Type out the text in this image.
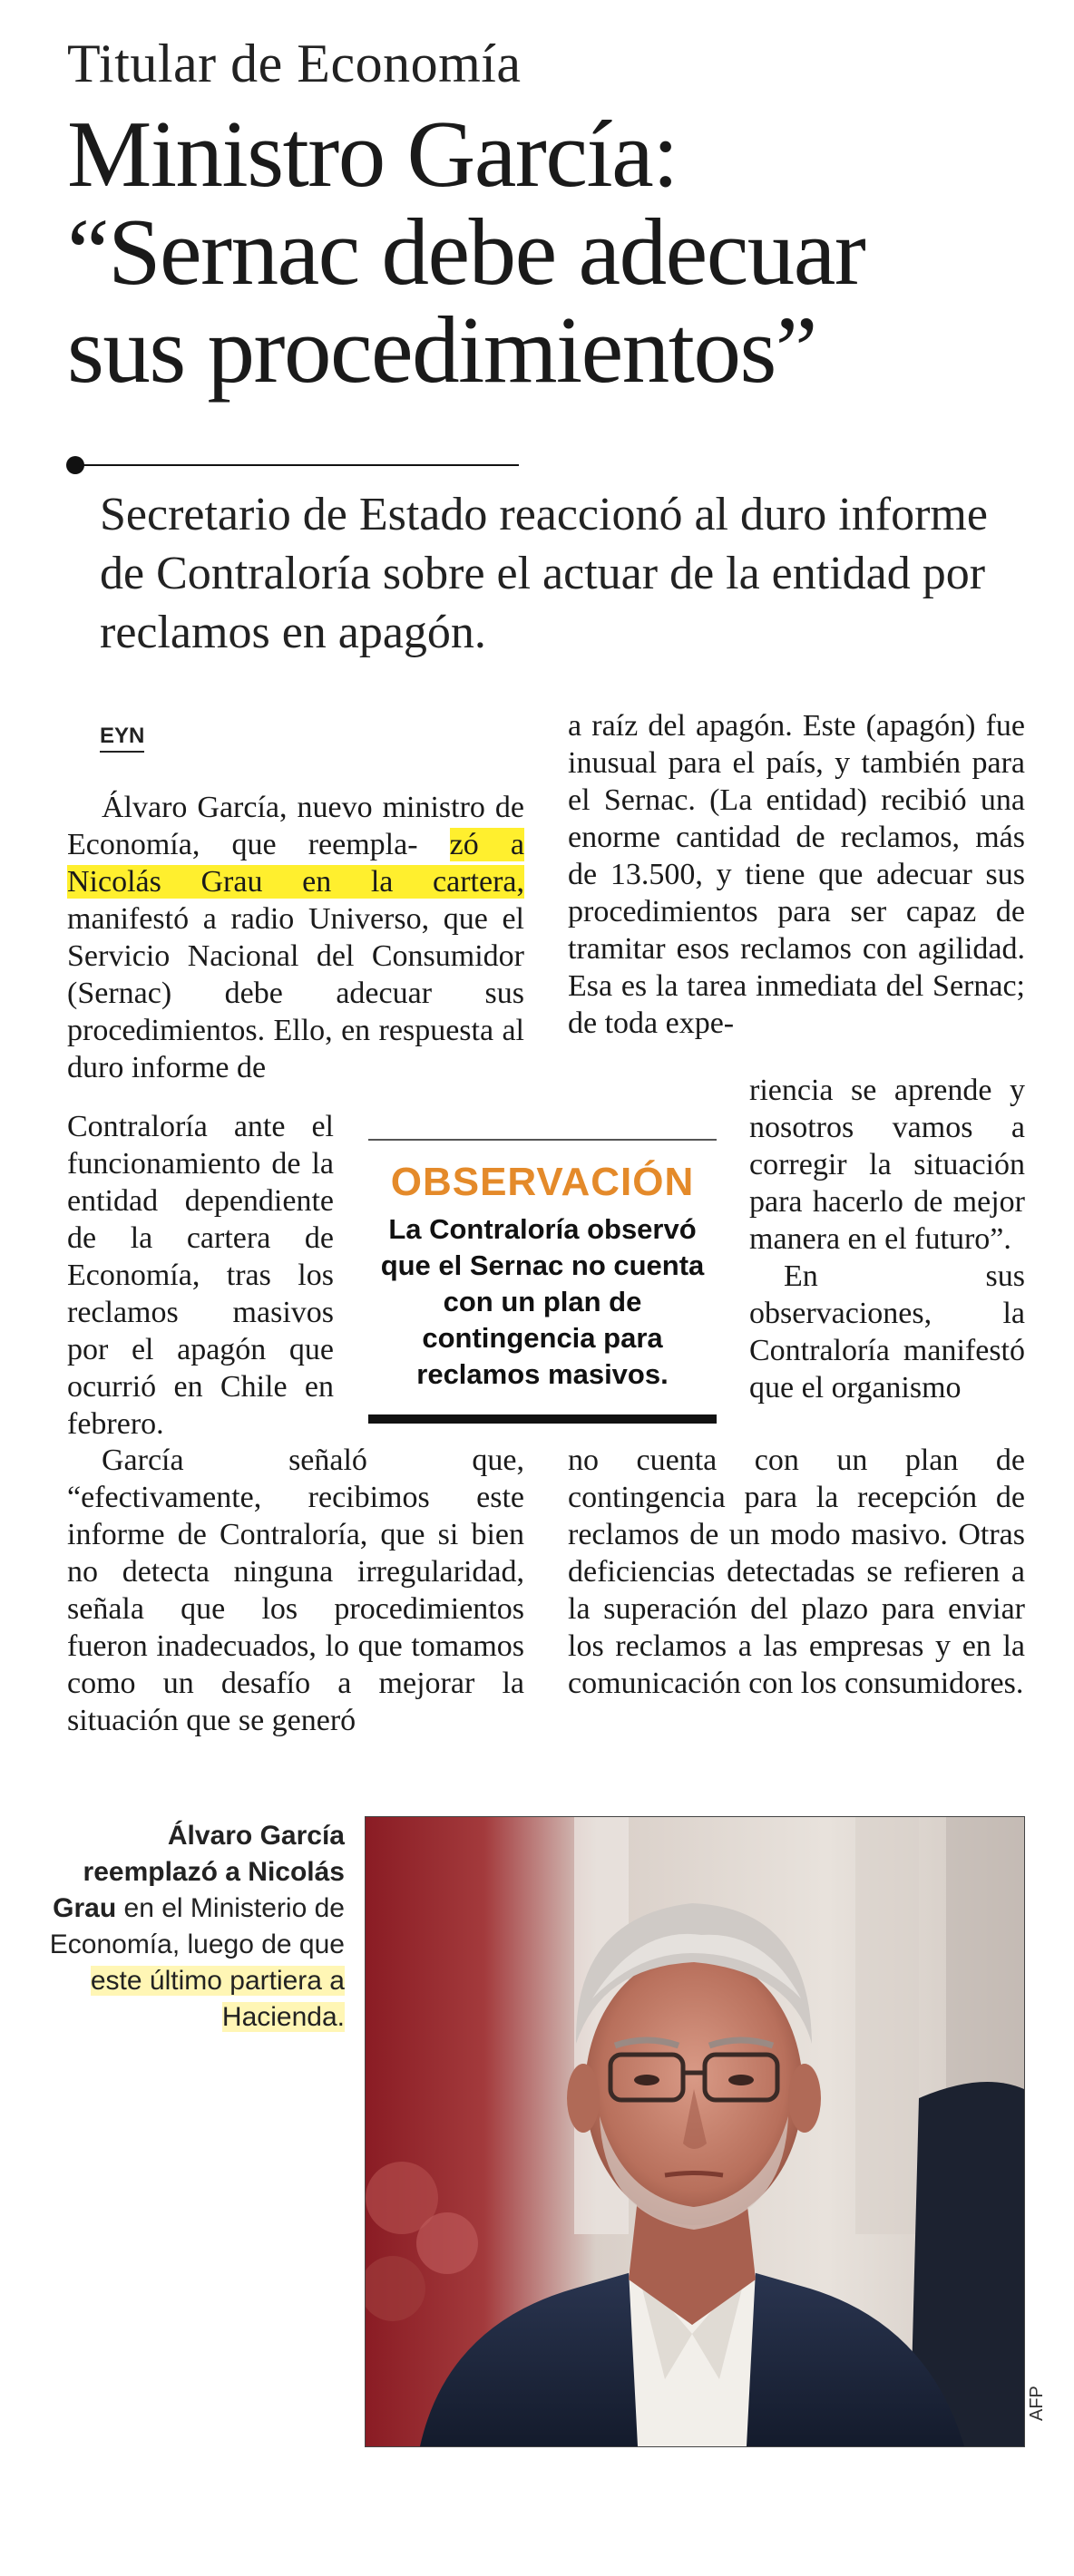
Titular de Economía
Ministro García:
“Sernac debe adecuar
sus procedimientos”
Secretario de Estado reaccionó al duro informe de Contraloría sobre el actuar de la entidad por reclamos en apagón.
EYN

Álvaro García, nuevo ministro de Economía, que reempla- zó a Nicolás Grau en la cartera, manifestó a radio Universo, que el Servicio Nacional del Consumidor (Sernac) debe adecuar sus procedimientos. Ello, en respuesta al duro informe de

Contraloría ante el funcionamiento de la entidad dependiente de la cartera de Economía, tras los reclamos masivos por el apagón que ocurrió en Chile en febrero.

García señaló que, “efectivamente, recibimos este informe de Contraloría, que si bien no detecta ninguna irregularidad, señala que los procedimientos fueron inadecuados, lo que tomamos como un desafío a mejorar la situación que se generó

a raíz del apagón. Este (apagón) fue inusual para el país, y también para el Sernac. (La entidad) recibió una enorme cantidad de reclamos, más de 13.500, y tiene que adecuar sus procedimientos para ser capaz de tramitar esos reclamos con agilidad. Esa es la tarea inmediata del Sernac; de toda expe-

riencia se aprende y nosotros vamos a corregir la situación para hacerlo de mejor manera en el futuro”.

En sus observaciones, la Contraloría manifestó que el organismo

no cuenta con un plan de contingencia para la recepción de reclamos de un modo masivo. Otras deficiencias detectadas se refieren a la superación del plazo para enviar los reclamos a las empresas y en la comunicación con los consumidores.

OBSERVACIÓN
La Contraloría observó que el Sernac no cuenta con un plan de contingencia para reclamos masivos.
Álvaro García reemplazó a Nicolás Grau en el Ministerio de Economía, luego de que este último partiera a Hacienda.
AFP
